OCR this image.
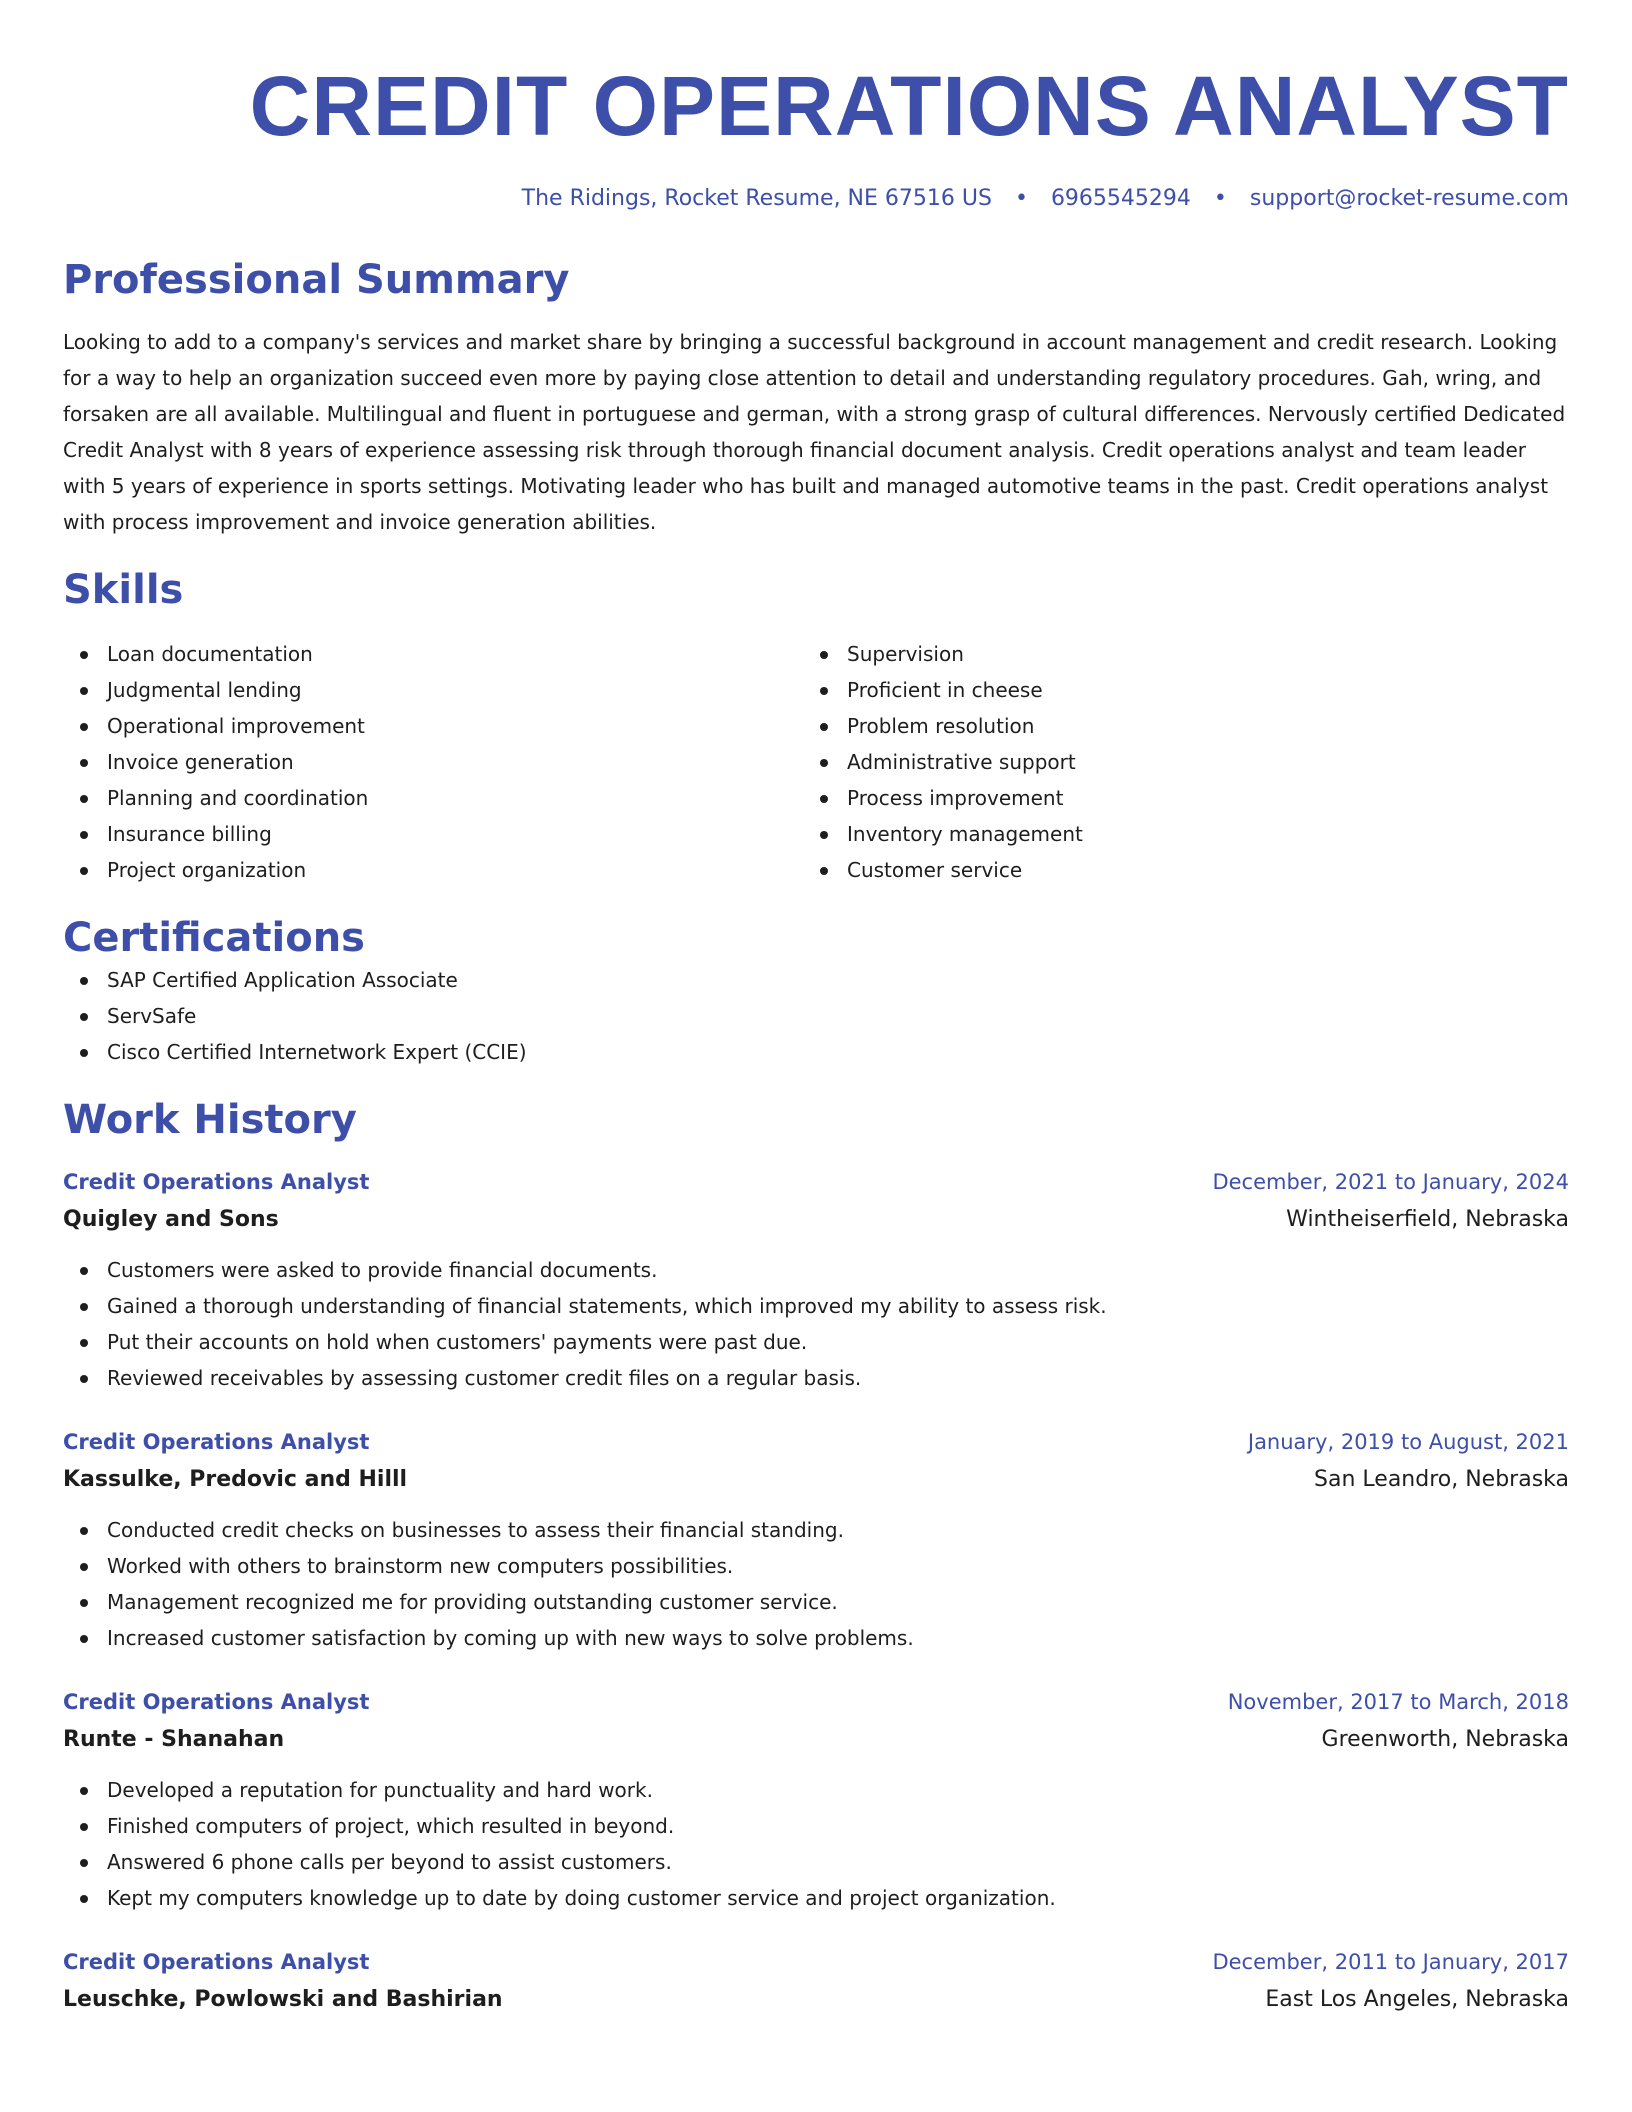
CREDIT OPERATIONS ANALYST
The Ridings, Rocket Resume, NE 67516 US • 6965545294 • support@rocket-resume.com
Professional Summary

Looking to add to a company's services and market share by bringing a successful background in account management and credit research. Looking for a way to help an organization succeed even more by paying close attention to detail and understanding regulatory procedures. Gah, wring, and forsaken are all available. Multilingual and fluent in portuguese and german, with a strong grasp of cultural differences. Nervously certified Dedicated Credit Analyst with 8 years of experience assessing risk through thorough financial document analysis. Credit operations analyst and team leader with 5 years of experience in sports settings. Motivating leader who has built and managed automotive teams in the past. Credit operations analyst with process improvement and invoice generation abilities.

Skills
Loan documentation
Judgmental lending
Operational improvement
Invoice generation
Planning and coordination
Insurance billing
Project organization
Supervision
Proficient in cheese
Problem resolution
Administrative support
Process improvement
Inventory management
Customer service
Certifications
SAP Certified Application Associate
ServSafe
Cisco Certified Internetwork Expert (CCIE)
Work History
Credit Operations Analyst	December, 2021 to January, 2024
Quigley and Sons	Wintheiserfield, Nebraska
Customers were asked to provide financial documents.
Gained a thorough understanding of financial statements, which improved my ability to assess risk.
Put their accounts on hold when customers' payments were past due.
Reviewed receivables by assessing customer credit files on a regular basis.
Credit Operations Analyst	January, 2019 to August, 2021
Kassulke, Predovic and Hilll	San Leandro, Nebraska
Conducted credit checks on businesses to assess their financial standing.
Worked with others to brainstorm new computers possibilities.
Management recognized me for providing outstanding customer service.
Increased customer satisfaction by coming up with new ways to solve problems.
Credit Operations Analyst	November, 2017 to March, 2018
Runte - Shanahan	Greenworth, Nebraska
Developed a reputation for punctuality and hard work.
Finished computers of project, which resulted in beyond.
Answered 6 phone calls per beyond to assist customers.
Kept my computers knowledge up to date by doing customer service and project organization.
Credit Operations Analyst	December, 2011 to January, 2017
Leuschke, Powlowski and Bashirian	East Los Angeles, Nebraska
